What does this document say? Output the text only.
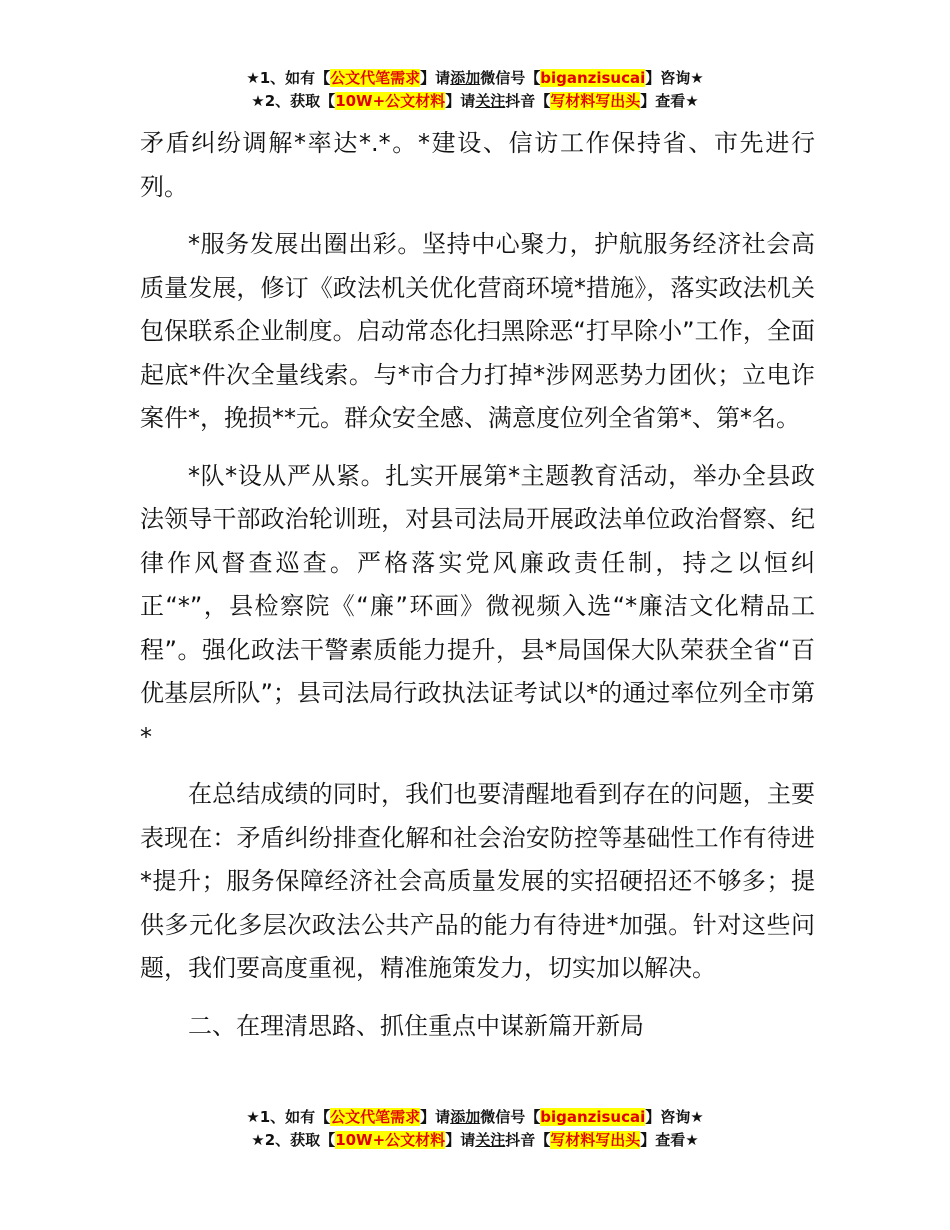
★1、如有【公文代笔需求】请添加微信号【biganzisucai】咨询★
★2、获取【10W+公文材料】请关注抖音【写材料写出头】查看★

矛盾纠纷调解*率达*.*。*建设、信访工作保持省、市先进行列。

*服务发展出圈出彩。坚持中心聚力，护航服务经济社会高质量发展，修订《政法机关优化营商环境*措施》，落实政法机关包保联系企业制度。启动常态化扫黑除恶“打早除小”工作，全面起底*件次全量线索。与*市合力打掉*涉网恶势力团伙；立电诈案件*，挽损**元。群众安全感、满意度位列全省第*、第*名。

*队*设从严从紧。扎实开展第*主题教育活动，举办全县政法领导干部政治轮训班，对县司法局开展政法单位政治督察、纪律作风督查巡查。严格落实党风廉政责任制，持之以恒纠正“*”，县检察院《“廉”环画》微视频入选“*廉洁文化精品工程”。强化政法干警素质能力提升，县*局国保大队荣获全省“百优基层所队”；县司法局行政执法证考试以*的通过率位列全市第*

在总结成绩的同时，我们也要清醒地看到存在的问题，主要表现在：矛盾纠纷排查化解和社会治安防控等基础性工作有待进*提升；服务保障经济社会高质量发展的实招硬招还不够多；提供多元化多层次政法公共产品的能力有待进*加强。针对这些问题，我们要高度重视，精准施策发力，切实加以解决。

二、在理清思路、抓住重点中谋新篇开新局

★1、如有【公文代笔需求】请添加微信号【biganzisucai】咨询★
★2、获取【10W+公文材料】请关注抖音【写材料写出头】查看★
